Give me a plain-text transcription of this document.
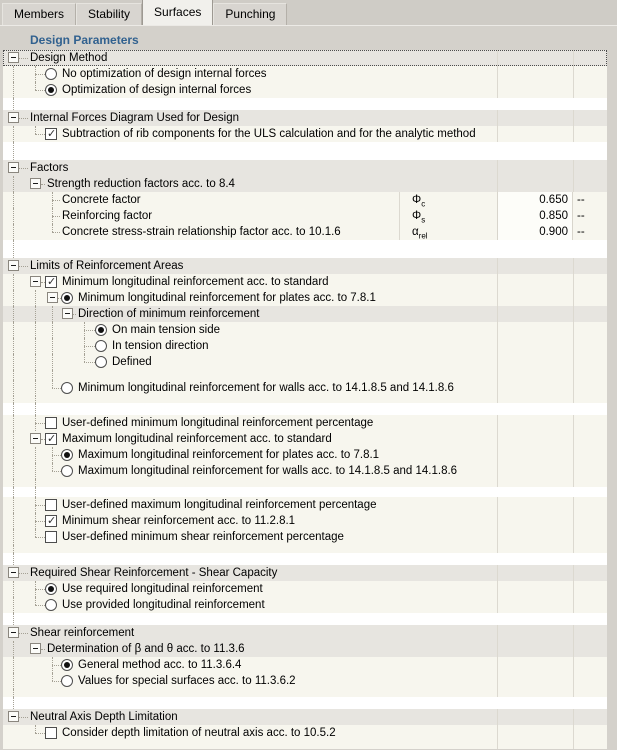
Members	Stability	Surfaces	Punching
Design Parameters
Design Method
No optimization of design internal forces
Optimization of design internal forces
Internal Forces Diagram Used for Design
✓
Subtraction of rib components for the ULS calculation and for the analytic method
Factors
Strength reduction factors acc. to 8.4
Concrete factor	$\Phi_c$	0.650 --
Reinforcing factor	$\Phi_s$	0.850 --
Concrete stress-strain relationship factor acc. to 10.1.6	$\alpha_{rel}$	0.900 --
Limits of Reinforcement Areas
✓
Minimum longitudinal reinforcement acc. to standard
Minimum longitudinal reinforcement for plates acc. to 7.8.1
Direction of minimum reinforcement
On main tension side
In tension direction
Defined
Minimum longitudinal reinforcement for walls acc. to 14.1.8.5 and 14.1.8.6
User-defined minimum longitudinal reinforcement percentage
✓
Maximum longitudinal reinforcement acc. to standard
Maximum longitudinal reinforcement for plates acc. to 7.8.1
Maximum longitudinal reinforcement for walls acc. to 14.1.8.5 and 14.1.8.6
User-defined maximum longitudinal reinforcement percentage
✓
Minimum shear reinforcement acc. to 11.2.8.1
User-defined minimum shear reinforcement percentage
Required Shear Reinforcement - Shear Capacity
Use required longitudinal reinforcement
Use provided longitudinal reinforcement
Shear reinforcement
Determination of β and θ acc. to 11.3.6
General method acc. to 11.3.6.4
Values for special surfaces acc. to 11.3.6.2
Neutral Axis Depth Limitation
Consider depth limitation of neutral axis acc. to 10.5.2
